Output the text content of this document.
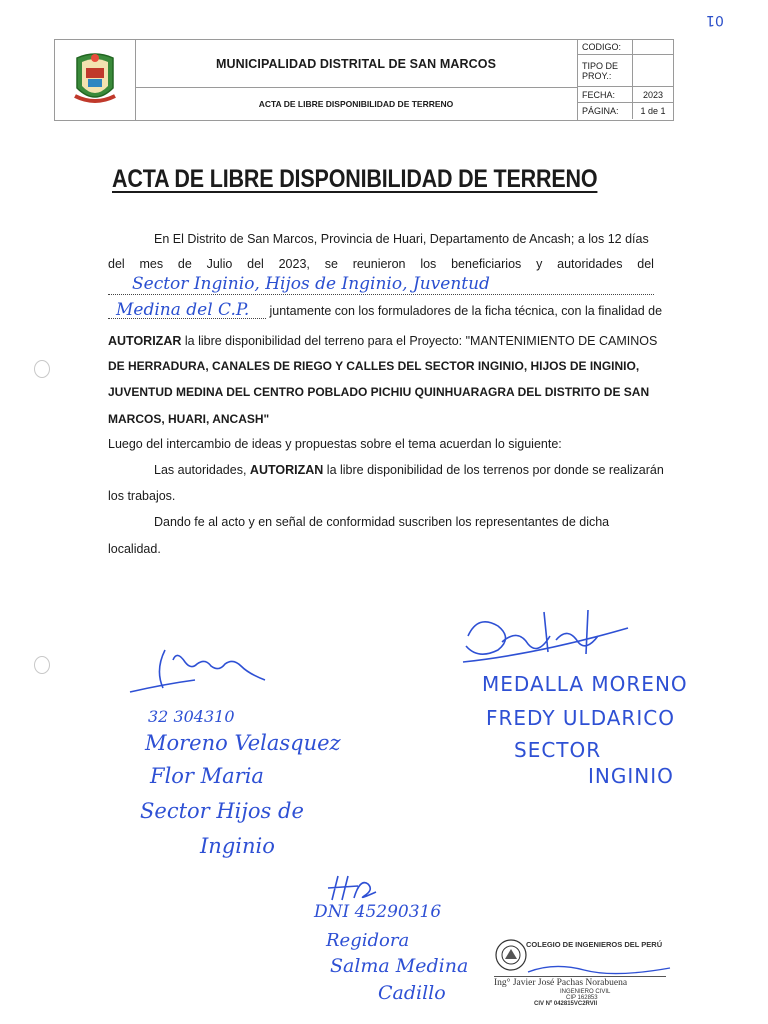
01
MUNICIPALIDAD DISTRITAL DE SAN MARCOS
ACTA DE LIBRE DISPONIBILIDAD DE TERRENO
CODIGO:
TIPO DE PROY.:
FECHA:	2023
PÁGINA:	1 de 1
ACTA DE LIBRE DISPONIBILIDAD DE TERRENO
En El Distrito de San Marcos, Provincia de Huari, Departamento de Ancash; a los 12 días
del mes de Julio del 2023, se reunieron los beneficiarios y autoridades del
Sector Inginio, Hijos de Inginio, Juventud
Medina del C.P. juntamente con los formuladores de la ficha técnica, con la finalidad de
AUTORIZAR la libre disponibilidad del terreno para el Proyecto: "MANTENIMIENTO DE CAMINOS
DE HERRADURA, CANALES DE RIEGO Y CALLES DEL SECTOR INGINIO, HIJOS DE INGINIO,
JUVENTUD MEDINA DEL CENTRO POBLADO PICHIU QUINHUARAGRA DEL DISTRITO DE SAN
MARCOS, HUARI, ANCASH"
Luego del intercambio de ideas y propuestas sobre el tema acuerdan lo siguiente:
Las autoridades, AUTORIZAN la libre disponibilidad de los terrenos por donde se realizarán
los trabajos.
Dando fe al acto y en señal de conformidad suscriben los representantes de dicha
localidad.
32 304310
Moreno Velasquez
Flor Maria
Sector Hijos de
Inginio
MEDALLA MORENO
FREDY ULDARICO
SECTOR
INGINIO
DNI 45290316
Regidora
Salma Medina
Cadillo
COLEGIO DE INGENIEROS DEL PERÚ
Ing° Javier José Pachas Norabuena
INGENIERO CIVIL
CIP 162853
CIV Nº 042815VC2RVII
